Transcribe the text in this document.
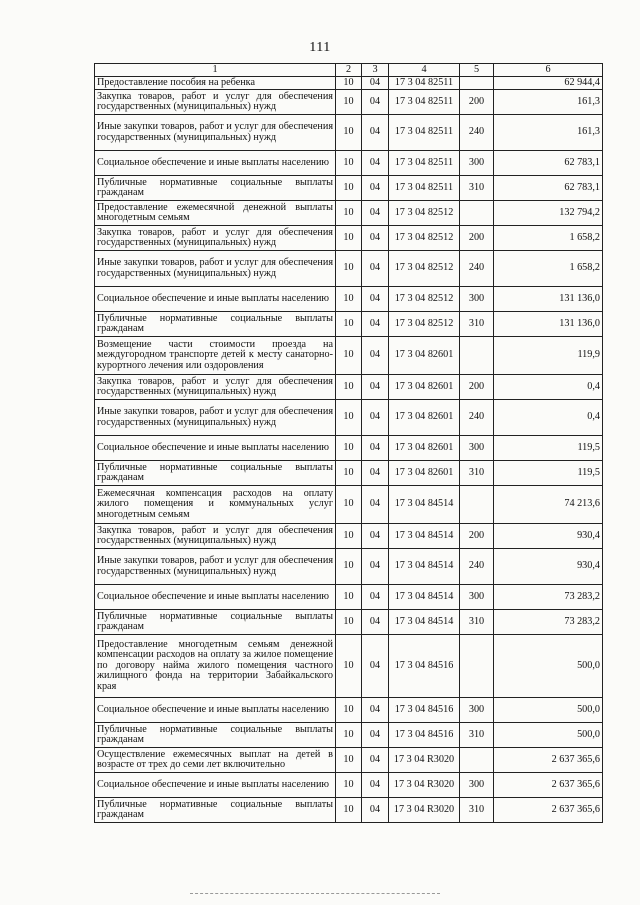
111
1	2	3	4	5	6
Предоставление пособия на ребенка	10	04	17 3 04 82511		62 944,4
Закупка товаров, работ и услуг для обеспечения государственных (муниципальных) нужд	10	04	17 3 04 82511	200	161,3
Иные закупки товаров, работ и услуг для обеспечения государственных (муниципальных) нужд	10	04	17 3 04 82511	240	161,3
Социальное обеспечение и иные выплаты населению	10	04	17 3 04 82511	300	62 783,1
Публичные нормативные социальные выплаты гражданам	10	04	17 3 04 82511	310	62 783,1
Предоставление ежемесячной денежной выплаты многодетным семьям	10	04	17 3 04 82512		132 794,2
Закупка товаров, работ и услуг для обеспечения государственных (муниципальных) нужд	10	04	17 3 04 82512	200	1 658,2
Иные закупки товаров, работ и услуг для обеспечения государственных (муниципальных) нужд	10	04	17 3 04 82512	240	1 658,2
Социальное обеспечение и иные выплаты населению	10	04	17 3 04 82512	300	131 136,0
Публичные нормативные социальные выплаты гражданам	10	04	17 3 04 82512	310	131 136,0
Возмещение части стоимости проезда на междугородном транспорте детей к месту санаторно-курортного лечения или оздоровления	10	04	17 3 04 82601		119,9
Закупка товаров, работ и услуг для обеспечения государственных (муниципальных) нужд	10	04	17 3 04 82601	200	0,4
Иные закупки товаров, работ и услуг для обеспечения государственных (муниципальных) нужд	10	04	17 3 04 82601	240	0,4
Социальное обеспечение и иные выплаты населению	10	04	17 3 04 82601	300	119,5
Публичные нормативные социальные выплаты гражданам	10	04	17 3 04 82601	310	119,5
Ежемесячная компенсация расходов на оплату жилого помещения и коммунальных услуг многодетным семьям	10	04	17 3 04 84514		74 213,6
Закупка товаров, работ и услуг для обеспечения государственных (муниципальных) нужд	10	04	17 3 04 84514	200	930,4
Иные закупки товаров, работ и услуг для обеспечения государственных (муниципальных) нужд	10	04	17 3 04 84514	240	930,4
Социальное обеспечение и иные выплаты населению	10	04	17 3 04 84514	300	73 283,2
Публичные нормативные социальные выплаты гражданам	10	04	17 3 04 84514	310	73 283,2
Предоставление многодетным семьям денежной компенсации расходов на оплату за жилое помещение по договору найма жилого помещения частного жилищного фонда на территории Забайкальского края	10	04	17 3 04 84516		500,0
Социальное обеспечение и иные выплаты населению	10	04	17 3 04 84516	300	500,0
Публичные нормативные социальные выплаты гражданам	10	04	17 3 04 84516	310	500,0
Осуществление ежемесячных выплат на детей в возрасте от трех до семи лет включительно	10	04	17 3 04 R3020		2 637 365,6
Социальное обеспечение и иные выплаты населению	10	04	17 3 04 R3020	300	2 637 365,6
Публичные нормативные социальные выплаты гражданам	10	04	17 3 04 R3020	310	2 637 365,6
